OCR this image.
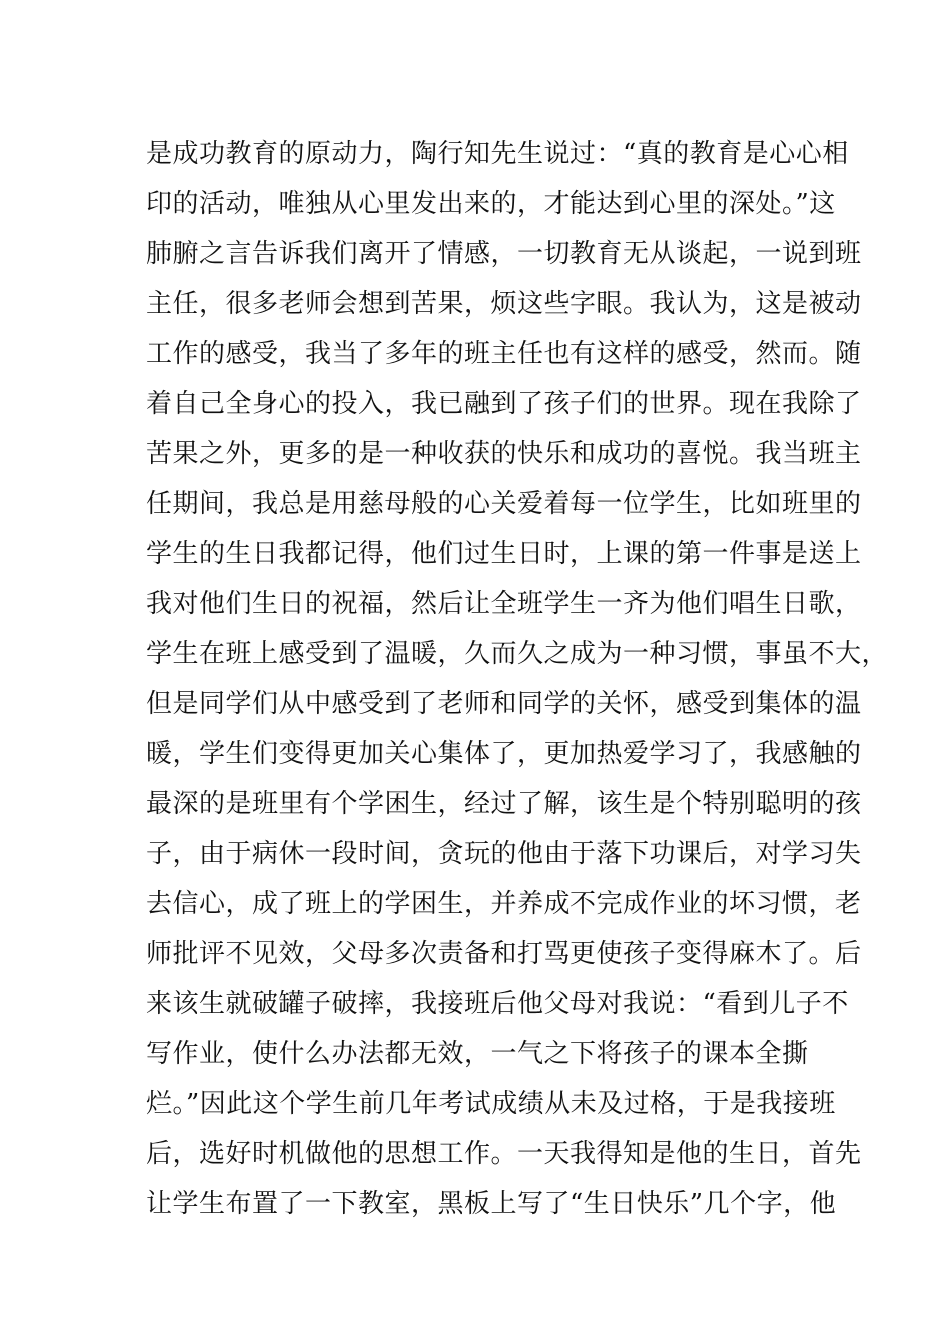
是成功教育的原动力，陶行知先生说过：“真的教育是心心相
印的活动，唯独从心里发出来的，才能达到心里的深处。”这
肺腑之言告诉我们离开了情感，一切教育无从谈起，一说到班
主任，很多老师会想到苦果，烦这些字眼。我认为，这是被动
工作的感受，我当了多年的班主任也有这样的感受，然而。随
着自己全身心的投入，我已融到了孩子们的世界。现在我除了
苦果之外，更多的是一种收获的快乐和成功的喜悦。我当班主
任期间，我总是用慈母般的心关爱着每一位学生，比如班里的
学生的生日我都记得，他们过生日时，上课的第一件事是送上
我对他们生日的祝福，然后让全班学生一齐为他们唱生日歌，
学生在班上感受到了温暖，久而久之成为一种习惯，事虽不大，
但是同学们从中感受到了老师和同学的关怀，感受到集体的温
暖，学生们变得更加关心集体了，更加热爱学习了，我感触的
最深的是班里有个学困生，经过了解，该生是个特别聪明的孩
子，由于病休一段时间，贪玩的他由于落下功课后，对学习失
去信心，成了班上的学困生，并养成不完成作业的坏习惯，老
师批评不见效，父母多次责备和打骂更使孩子变得麻木了。后
来该生就破罐子破摔，我接班后他父母对我说：“看到儿子不
写作业，使什么办法都无效，一气之下将孩子的课本全撕
烂。”因此这个学生前几年考试成绩从未及过格，于是我接班
后，选好时机做他的思想工作。一天我得知是他的生日，首先
让学生布置了一下教室，黑板上写了“生日快乐”几个字，他
